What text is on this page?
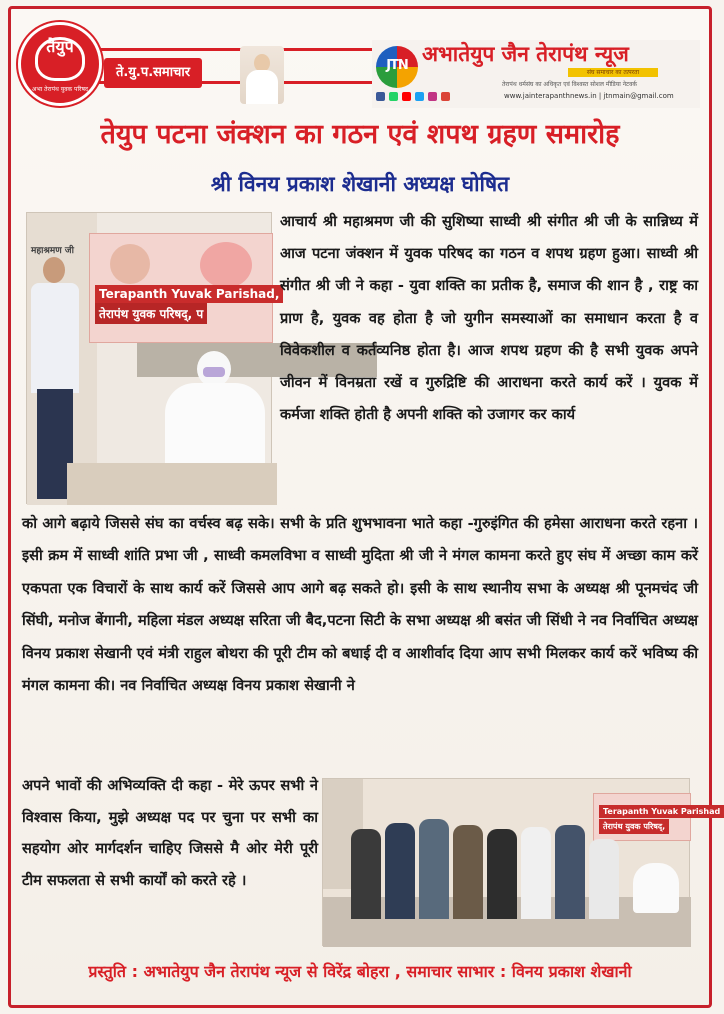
तेयुप
अभा तेरापंथ युवक परिषद
ते.यु.प.समाचार	JTN अभातेयुप जैन तेरापंथ न्यूज
संघ समाचार का तत्परता
तेरापंथ धर्मसंघ का अधिकृत एवं विश्वस्त सोशल मीडिया नेटवर्क
www.jainterapanthnews.in | jtnmain@gmail.com
तेयुप पटना जंक्शन का गठन एवं शपथ ग्रहण समारोह
श्री विनय प्रकाश शेखानी अध्यक्ष घोषित
महाश्रमण जी
Terapanth Yuvak Parishad,
तेरापंथ युवक परिषद्, प
आचार्य श्री महाश्रमण जी की सुशिष्या साध्वी श्री संगीत श्री जी के सान्निध्य में आज पटना जंक्शन में युवक परिषद का गठन व शपथ ग्रहण हुआ। साध्वी श्री संगीत श्री जी ने कहा - युवा शक्ति का प्रतीक है, समाज की शान है , राष्ट्र का प्राण है, युवक वह होता है जो युगीन समस्याओं का समाधान करता है व विवेकशील व कर्तव्यनिष्ठ होता है। आज शपथ ग्रहण की है सभी युवक अपने जीवन में विनम्रता रखें व गुरुद्रिष्टि की आराधना करते कार्य करें । युवक में कर्मजा शक्ति होती है अपनी शक्ति को उजागर कर कार्य
को आगे बढ़ाये जिससे संघ का वर्चस्व बढ़ सके। सभी के प्रति शुभभावना भाते कहा -गुरुइंगित की हमेसा आराधना करते रहना । इसी क्रम में साध्वी शांति प्रभा जी , साध्वी कमलविभा व साध्वी मुदिता श्री जी ने मंगल कामना करते हुए संघ में अच्छा काम करें एकपता एक विचारों के साथ कार्य करें जिससे आप आगे बढ़ सकते हो। इसी के साथ स्थानीय सभा के अध्यक्ष श्री पूनमचंद जी सिंघी, मनोज बेंगानी, महिला मंडल अध्यक्ष सरिता जी बैद,पटना सिटी के सभा अध्यक्ष श्री बसंत जी सिंधी ने नव निर्वाचित अध्यक्ष विनय प्रकाश सेखानी एवं मंत्री राहुल बोथरा की पूरी टीम को बधाई दी व आशीर्वाद दिया आप सभी मिलकर कार्य करें भविष्य की मंगल कामना की। नव निर्वाचित अध्यक्ष विनय प्रकाश सेखानी ने
अपने भावों की अभिव्यक्ति दी कहा - मेरे ऊपर सभी ने विश्वास किया, मुझे अध्यक्ष पद पर चुना पर सभी का सहयोग ओर मार्गदर्शन चाहिए जिससे मै ओर मेरी पूरी टीम सफलता से सभी कार्यों को करते रहे ।
Terapanth Yuvak Parishad
तेरापंथ युवक परिषद्,
प्रस्तुति : अभातेयुप जैन तेरापंथ न्यूज से विरेंद्र बोहरा , समाचार साभार : विनय प्रकाश शेखानी
